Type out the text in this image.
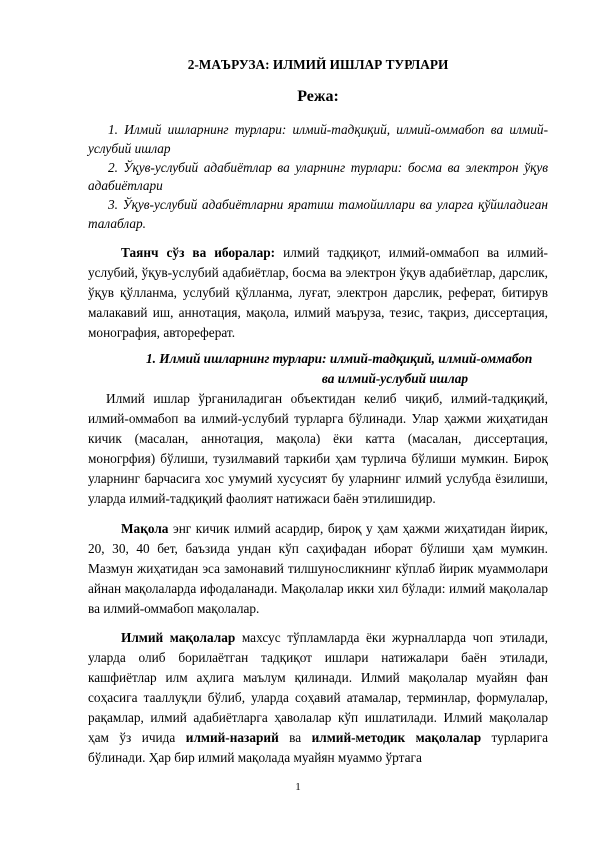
2-МАЪРУЗА: ИЛМИЙ ИШЛАР ТУРЛАРИ
Режа:
1. Илмий ишларнинг турлари: илмий-тадқиқий, илмий-оммабоп ва илмий-услубий ишлар
2. Ўқув-услубий адабиётлар ва уларнинг турлари: босма ва электрон ўқув адабиётлари
3. Ўқув-услубий адабиётларни яратиш тамойиллари ва уларга қўйиладиган талаблар.

Таянч сўз ва иборалар: илмий тадқиқот, илмий-оммабоп ва илмий-услубий, ўқув-услубий адабиётлар, босма ва электрон ўқув адабиётлар, дарслик, ўқув қўлланма, услубий қўлланма, луғат, электрон дарслик, реферат, битирув малакавий иш, аннотация, мақола, илмий маъруза, тезис, тақриз, диссертация, монография, автореферат.

1. Илмий ишларнинг турлари: илмий-тадқиқий, илмий-оммабоп
ва илмий-услубий ишлар

Илмий ишлар ўрганиладиган объектидан келиб чиқиб, илмий-тадқиқий, илмий-оммабоп ва илмий-услубий турларга бўлинади. Улар ҳажми жиҳатидан кичик (масалан, аннотация, мақола) ёки катта (масалан, диссертация, моногрфия) бўлиши, тузилмавий таркиби ҳам турлича бўлиши мумкин. Бироқ уларнинг барчасига хос умумий хусусият бу уларнинг илмий услубда ёзилиши, уларда илмий-тадқиқий фаолият натижаси баён этилишидир.

Мақола энг кичик илмий асардир, бироқ у ҳам ҳажми жиҳатидан йирик, 20, 30, 40 бет, баъзида ундан кўп саҳифадан иборат бўлиши ҳам мумкин. Мазмун жиҳатидан эса замонавий тилшуносликнинг кўплаб йирик муаммолари айнан мақолаларда ифодаланади. Мақолалар икки хил бўлади: илмий мақолалар ва илмий-оммабоп мақолалар.

Илмий мақолалар махсус тўпламларда ёки журналларда чоп этилади, уларда олиб борилаётган тадқиқот ишлари натижалари баён этилади, кашфиётлар илм аҳлига маълум қилинади. Илмий мақолалар муайян фан соҳасига тааллуқли бўлиб, уларда соҳавий атамалар, терминлар, формулалар, рақамлар, илмий адабиётларга ҳаволалар кўп ишлатилади. Илмий мақолалар ҳам ўз ичида илмий-назарий ва илмий-методик мақолалар турларига бўлинади. Ҳар бир илмий мақолада муайян муаммо ўртага

1
